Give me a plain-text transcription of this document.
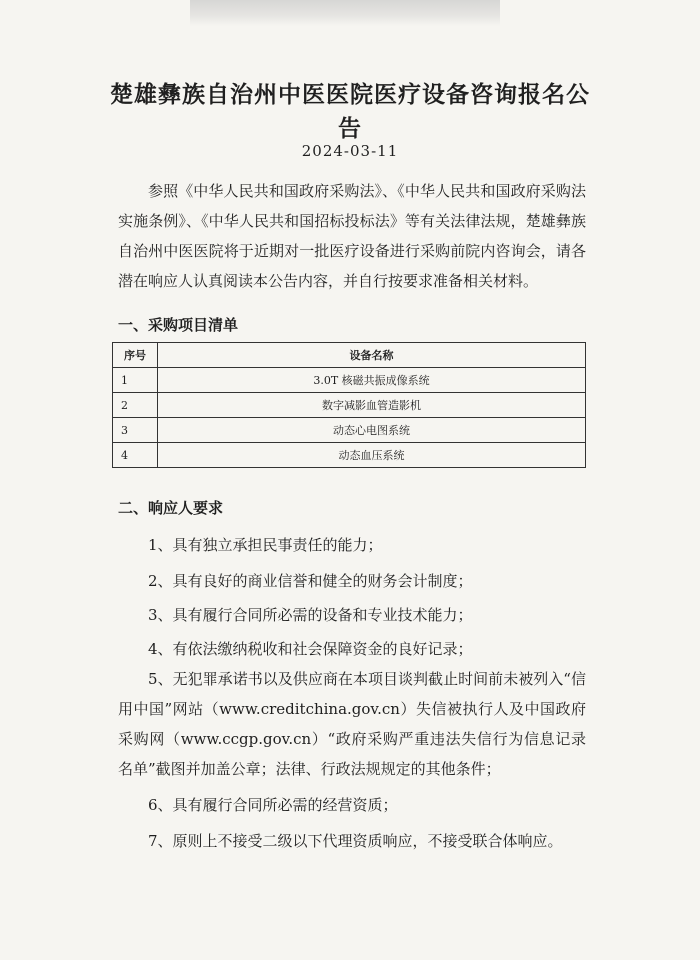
楚雄彝族自治州中医医院医疗设备咨询报名公告
2024-03-11
参照《中华人民共和国政府采购法》、《中华人民共和国政府采购法实施条例》、《中华人民共和国招标投标法》等有关法律法规，楚雄彝族自治州中医医院将于近期对一批医疗设备进行采购前院内咨询会，请各潜在响应人认真阅读本公告内容，并自行按要求准备相关材料。
一、采购项目清单
序号	设备名称
1	3.0T 核磁共振成像系统
2	数字减影血管造影机
3	动态心电图系统
4	动态血压系统
二、响应人要求
1、具有独立承担民事责任的能力；
2、具有良好的商业信誉和健全的财务会计制度；
3、具有履行合同所必需的设备和专业技术能力；
4、有依法缴纳税收和社会保障资金的良好记录；
5、无犯罪承诺书以及供应商在本项目谈判截止时间前未被列入“信用中国”网站（www.creditchina.gov.cn）失信被执行人及中国政府采购网（www.ccgp.gov.cn）“政府采购严重违法失信行为信息记录名单”截图并加盖公章；法律、行政法规规定的其他条件；
6、具有履行合同所必需的经营资质；
7、原则上不接受二级以下代理资质响应，不接受联合体响应。
